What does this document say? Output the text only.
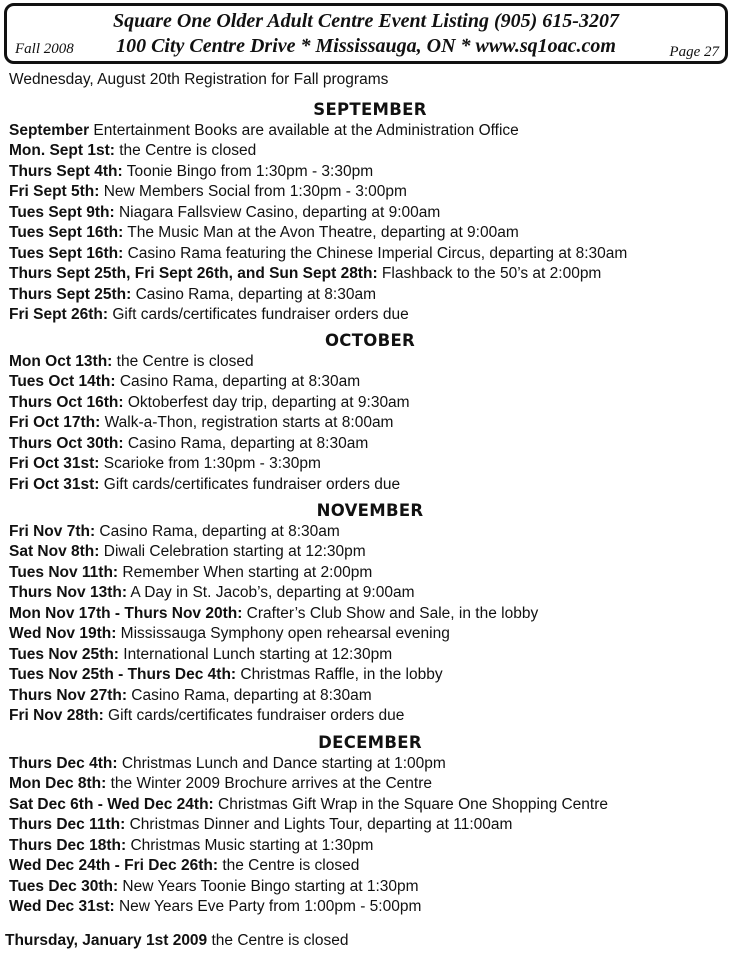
Square One Older Adult Centre Event Listing (905) 615-3207
100 City Centre Drive * Mississauga, ON * www.sq1oac.com
Fall 2008	Page 27
Wednesday, August 20th Registration for Fall programs
SEPTEMBER
September Entertainment Books are available at the Administration Office
Mon. Sept 1st: the Centre is closed
Thurs Sept 4th: Toonie Bingo from 1:30pm - 3:30pm
Fri Sept 5th: New Members Social from 1:30pm - 3:00pm
Tues Sept 9th: Niagara Fallsview Casino, departing at 9:00am
Tues Sept 16th: The Music Man at the Avon Theatre, departing at 9:00am
Tues Sept 16th: Casino Rama featuring the Chinese Imperial Circus, departing at 8:30am
Thurs Sept 25th, Fri Sept 26th, and Sun Sept 28th: Flashback to the 50’s at 2:00pm
Thurs Sept 25th: Casino Rama, departing at 8:30am
Fri Sept 26th: Gift cards/certificates fundraiser orders due
OCTOBER
Mon Oct 13th: the Centre is closed
Tues Oct 14th: Casino Rama, departing at 8:30am
Thurs Oct 16th: Oktoberfest day trip, departing at 9:30am
Fri Oct 17th: Walk-a-Thon, registration starts at 8:00am
Thurs Oct 30th: Casino Rama, departing at 8:30am
Fri Oct 31st: Scarioke from 1:30pm - 3:30pm
Fri Oct 31st: Gift cards/certificates fundraiser orders due
NOVEMBER
Fri Nov 7th: Casino Rama, departing at 8:30am
Sat Nov 8th: Diwali Celebration starting at 12:30pm
Tues Nov 11th: Remember When starting at 2:00pm
Thurs Nov 13th: A Day in St. Jacob’s, departing at 9:00am
Mon Nov 17th - Thurs Nov 20th: Crafter’s Club Show and Sale, in the lobby
Wed Nov 19th: Mississauga Symphony open rehearsal evening
Tues Nov 25th: International Lunch starting at 12:30pm
Tues Nov 25th - Thurs Dec 4th: Christmas Raffle, in the lobby
Thurs Nov 27th: Casino Rama, departing at 8:30am
Fri Nov 28th: Gift cards/certificates fundraiser orders due
DECEMBER
Thurs Dec 4th: Christmas Lunch and Dance starting at 1:00pm
Mon Dec 8th: the Winter 2009 Brochure arrives at the Centre
Sat Dec 6th - Wed Dec 24th: Christmas Gift Wrap in the Square One Shopping Centre
Thurs Dec 11th: Christmas Dinner and Lights Tour, departing at 11:00am
Thurs Dec 18th: Christmas Music starting at 1:30pm
Wed Dec 24th - Fri Dec 26th: the Centre is closed
Tues Dec 30th: New Years Toonie Bingo starting at 1:30pm
Wed Dec 31st: New Years Eve Party from 1:00pm - 5:00pm
Thursday, January 1st 2009 the Centre is closed
